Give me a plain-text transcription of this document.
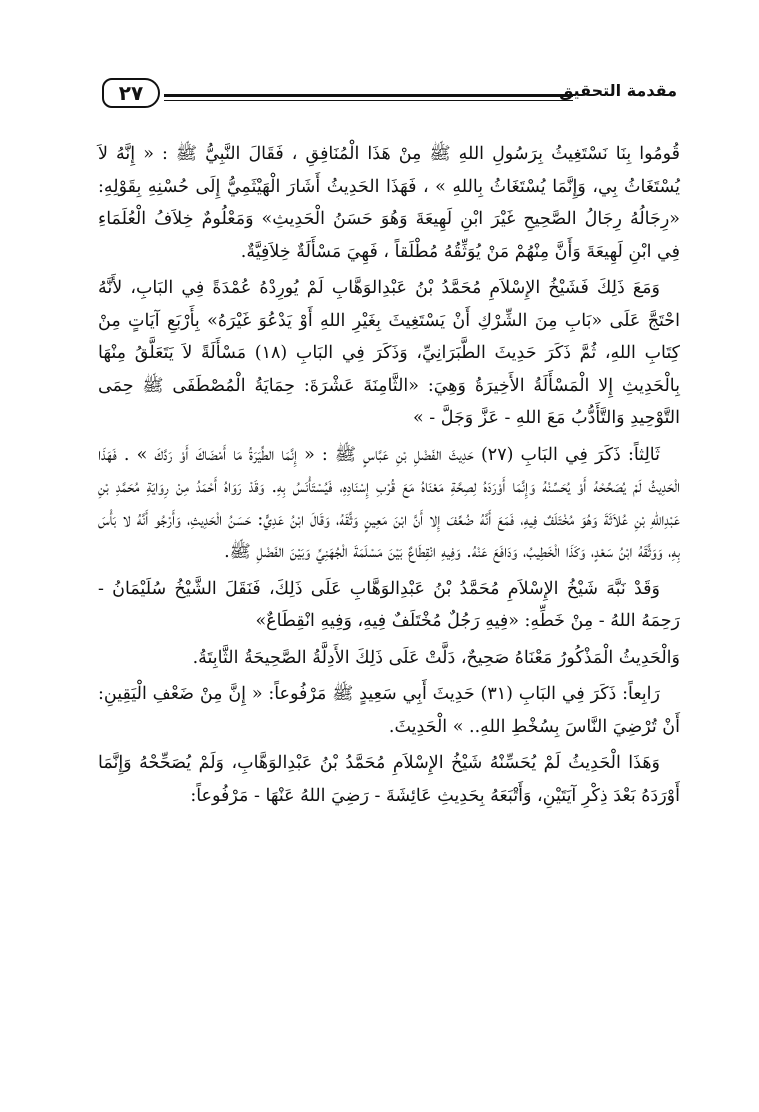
٢٧	مقدمة التحقيق

قُومُوا بِنَا نَسْتَغِيثُ بِرَسُولِ اللهِ ﷺ مِنْ هَذَا الْمُنَافِقِ ، فَقَالَ النَّبِيُّ ﷺ : « إِنَّهُ لاَ يُسْتَغَاثُ بِي، وَإِنَّمَا يُسْتَغَاثُ بِاللهِ » ، فَهَذَا الحَدِيثُ أَشَارَ الْهَيْثَمِيُّ إِلَى حُسْنِهِ بِقَوْلِهِ: «رِجَالُهُ رِجَالُ الصَّحِيحِ غَيْرَ ابْنِ لَهِيعَةَ وَهُوَ حَسَنُ الْحَدِيثِ» وَمَعْلُومٌ خِلاَفُ الْعُلَمَاءِ فِي ابْنِ لَهِيعَةَ وَأَنَّ مِنْهُمْ مَنْ يُوَثِّقُهُ مُطْلَقاً ، فَهِيَ مَسْأَلَةٌ خِلاَفِيَّةٌ.

وَمَعَ ذَلِكَ فَشَيْخُ الإِسْلاَمِ مُحَمَّدُ بْنُ عَبْدِالوَهَّابِ لَمْ يُورِدْهُ عُمْدَةً فِي البَابِ، لأَنَّهُ احْتَجَّ عَلَى «بَابِ مِنَ الشِّرْكِ أَنْ يَسْتَغِيثَ بِغَيْرِ اللهِ أَوْ يَدْعُوَ غَيْرَهُ» بِأَرْبَعِ آيَاتٍ مِنْ كِتَابِ اللهِ، ثُمَّ ذَكَرَ حَدِيثَ الطَّبَرَانِيِّ، وَذَكَرَ فِي البَابِ (١٨) مَسْأَلَةً لاَ يَتَعَلَّقُ مِنْهَا بِالْحَدِيثِ إِلا الْمَسْأَلَةُ الأَخِيرَةُ وَهِيَ: «الثَّامِنَةَ عَشْرَةَ: حِمَايَةُ الْمُصْطَفَى ﷺ حِمَى التَّوْحِيدِ وَالتَّأَدُّبُ مَعَ اللهِ - عَزَّ وَجَلَّ - »

ثَالِثاً: ذَكَرَ فِي البَابِ (٢٧) حَدِيثَ الفَضْلِ بْنِ عَبَّاسٍ ﷺ : « إِنَّمَا الطِّيَرَةُ مَا أَمْضَاكَ أَوْ رَدَّكَ » . فَهَذَا الْحَدِيثُ لَمْ يُصَحِّحْهُ أَوْ يُحَسِّنْهُ وَإِنَّمَا أَوْرَدَهُ لِصِحَّةِ مَعْنَاهُ مَعَ قُرْبِ إِسْنَادِهِ، فَيُسْتَأْنَسُ بِهِ. وَقَدْ رَوَاهُ أَحْمَدُ مِنْ رِوَايَةِ مُحَمَّدِ بْنِ عَبْدِاللهِ بْنِ عُلاَثَةَ وَهُوَ مُخْتَلَفٌ فِيهِ، فَمَعَ أَنَّهُ ضُعِّفَ إِلا أَنَّ ابْنَ مَعِينٍ وَثَّقَهُ، وَقَالَ ابْنُ عَدِيٍّ: حَسَنُ الْحَدِيثِ، وَأَرْجُو أَنَّهُ لا بَأْسَ بِهِ، وَوَثَّقَهُ ابْنُ سَعْدٍ، وَكَذَا الْخَطِيبُ، وَدَافَعَ عَنْهُ. وَفِيهِ انْقِطَاعٌ بَيْنَ مَسْلَمَةَ الْجُهَنِيِّ وَبَيْنَ الفَضْلِ ﷺ.

وَقَدْ نَبَّهَ شَيْخُ الإِسْلاَمِ مُحَمَّدُ بْنُ عَبْدِالوَهَّابِ عَلَى ذَلِكَ، فَنَقَلَ الشَّيْخُ سُلَيْمَانُ - رَحِمَهُ اللهُ - مِنْ خَطِّهِ: «فِيهِ رَجُلٌ مُخْتَلَفٌ فِيهِ، وَفِيهِ انْقِطَاعٌ»

وَالْحَدِيثُ الْمَذْكُورُ مَعْنَاهُ صَحِيحٌ، دَلَّتْ عَلَى ذَلِكَ الأَدِلَّةُ الصَّحِيحَةُ الثَّابِتَةُ.

رَابِعاً: ذَكَرَ فِي البَابِ (٣١) حَدِيثَ أَبِي سَعِيدٍ ﷺ مَرْفُوعاً: « إِنَّ مِنْ ضَعْفِ الْيَقِينِ: أَنْ تُرْضِيَ النَّاسَ بِسُخْطِ اللهِ.. » الْحَدِيثَ.

وَهَذَا الْحَدِيثُ لَمْ يُحَسِّنْهُ شَيْخُ الإِسْلاَمِ مُحَمَّدُ بْنُ عَبْدِالوَهَّابِ، وَلَمْ يُصَحِّحْهُ وَإِنَّمَا أَوْرَدَهُ بَعْدَ ذِكْرِ آيَتَيْنِ، وَأَتْبَعَهُ بِحَدِيثِ عَائِشَةَ - رَضِيَ اللهُ عَنْهَا - مَرْفُوعاً:
